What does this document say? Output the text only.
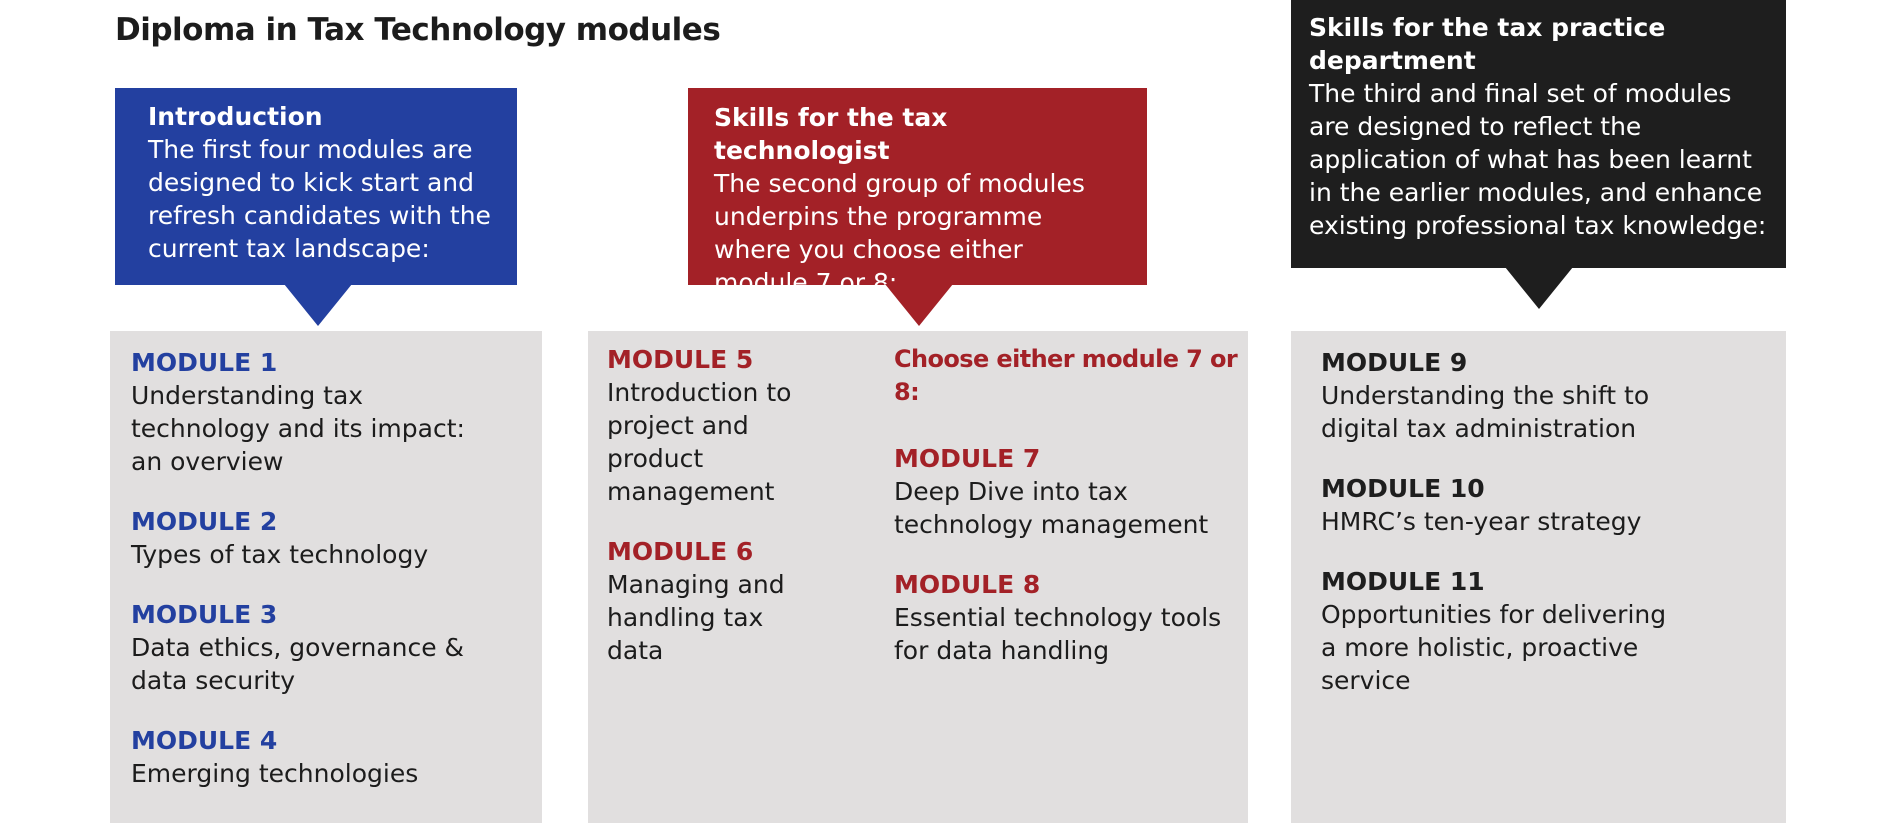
Diploma in Tax Technology modules
Introduction

The first four modules are designed to kick start and refresh candidates with the current tax landscape:

Skills for the tax technologist

The second group of modules underpins the programme where you choose either module 7 or 8:

Skills for the tax practice department

The third and final set of modules are designed to reflect the application of what has been learnt in the earlier modules, and enhance existing professional tax knowledge:

MODULE 1
Understanding tax
technology and its impact:
an overview
MODULE 2
Types of tax technology
MODULE 3
Data ethics, governance &
data security
MODULE 4
Emerging technologies
MODULE 5
Introduction to
project and
product management
MODULE 6
Managing and
handling tax
data
Choose either module 7 or 8:
MODULE 7
Deep Dive into tax
technology management
MODULE 8
Essential technology tools
for data handling
MODULE 9
Understanding the shift to
digital tax administration
MODULE 10
HMRC’s ten-year strategy
MODULE 11
Opportunities for delivering
a more holistic, proactive
service
